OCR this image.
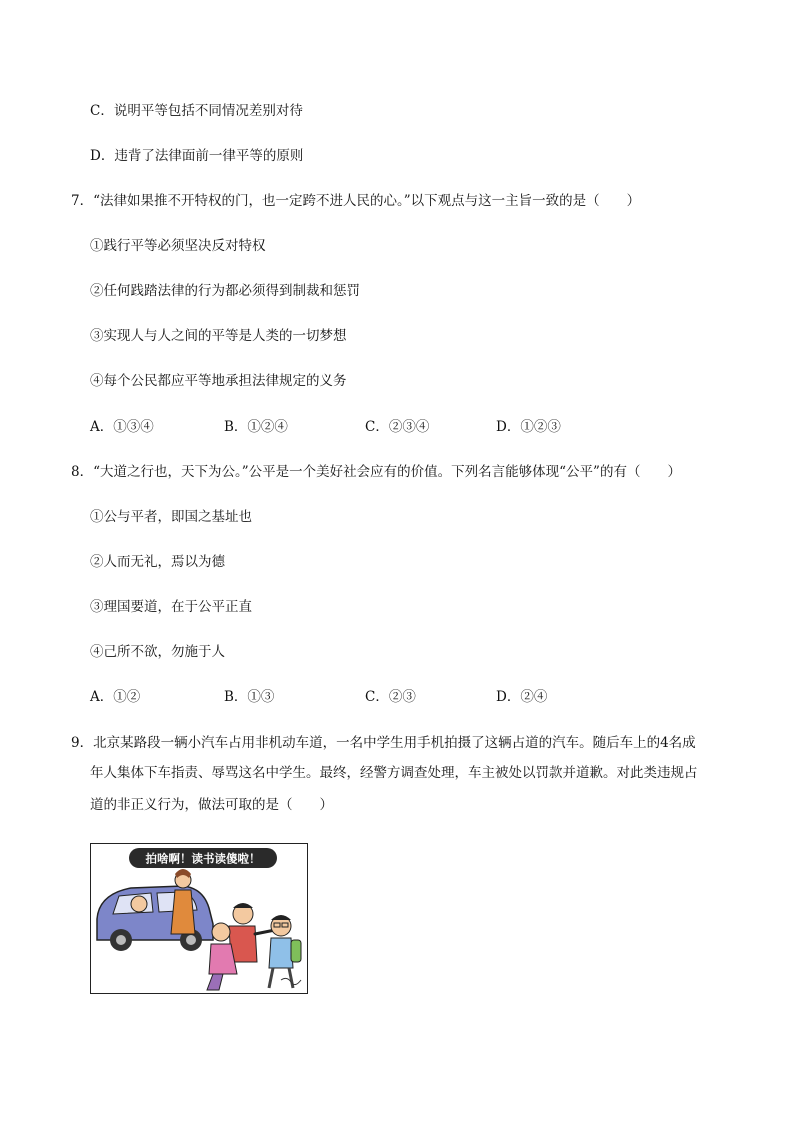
C．说明平等包括不同情况差别对待
D．违背了法律面前一律平等的原则
7．“法律如果推不开特权的门，也一定跨不进人民的心。”以下观点与这一主旨一致的是（　　）
①践行平等必须坚决反对特权
②任何践踏法律的行为都必须得到制裁和惩罚
③实现人与人之间的平等是人类的一切梦想
④每个公民都应平等地承担法律规定的义务
A．①③④	B．①②④	C．②③④	D．①②③
8．“大道之行也，天下为公。”公平是一个美好社会应有的价值。下列名言能够体现“公平”的有（　　）
①公与平者，即国之基址也
②人而无礼，焉以为德
③理国要道，在于公平正直
④己所不欲，勿施于人
A．①②	B．①③	C．②③	D．②④
9．北京某路段一辆小汽车占用非机动车道，一名中学生用手机拍摄了这辆占道的汽车。随后车上的4名成
年人集体下车指责、辱骂这名中学生。最终，经警方调查处理，车主被处以罚款并道歉。对此类违规占
道的非正义行为，做法可取的是（　　）
拍啥啊！读书读傻啦！
